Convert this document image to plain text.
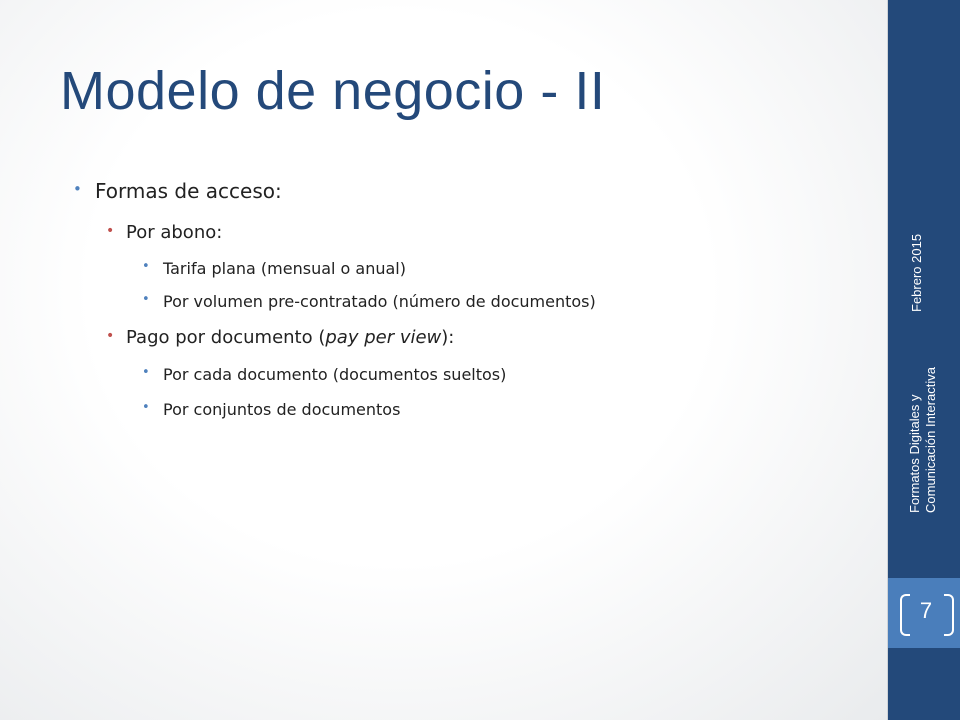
Modelo de negocio - II
• Formas de acceso:
• Por abono:
• Tarifa plana (mensual o anual)
• Por volumen pre-contratado (número de documentos)
• Pago por documento (pay per view):
• Por cada documento (documentos sueltos)
• Por conjuntos de documentos
Febrero 2015
Formatos Digitales y Comunicación Interactiva
7
